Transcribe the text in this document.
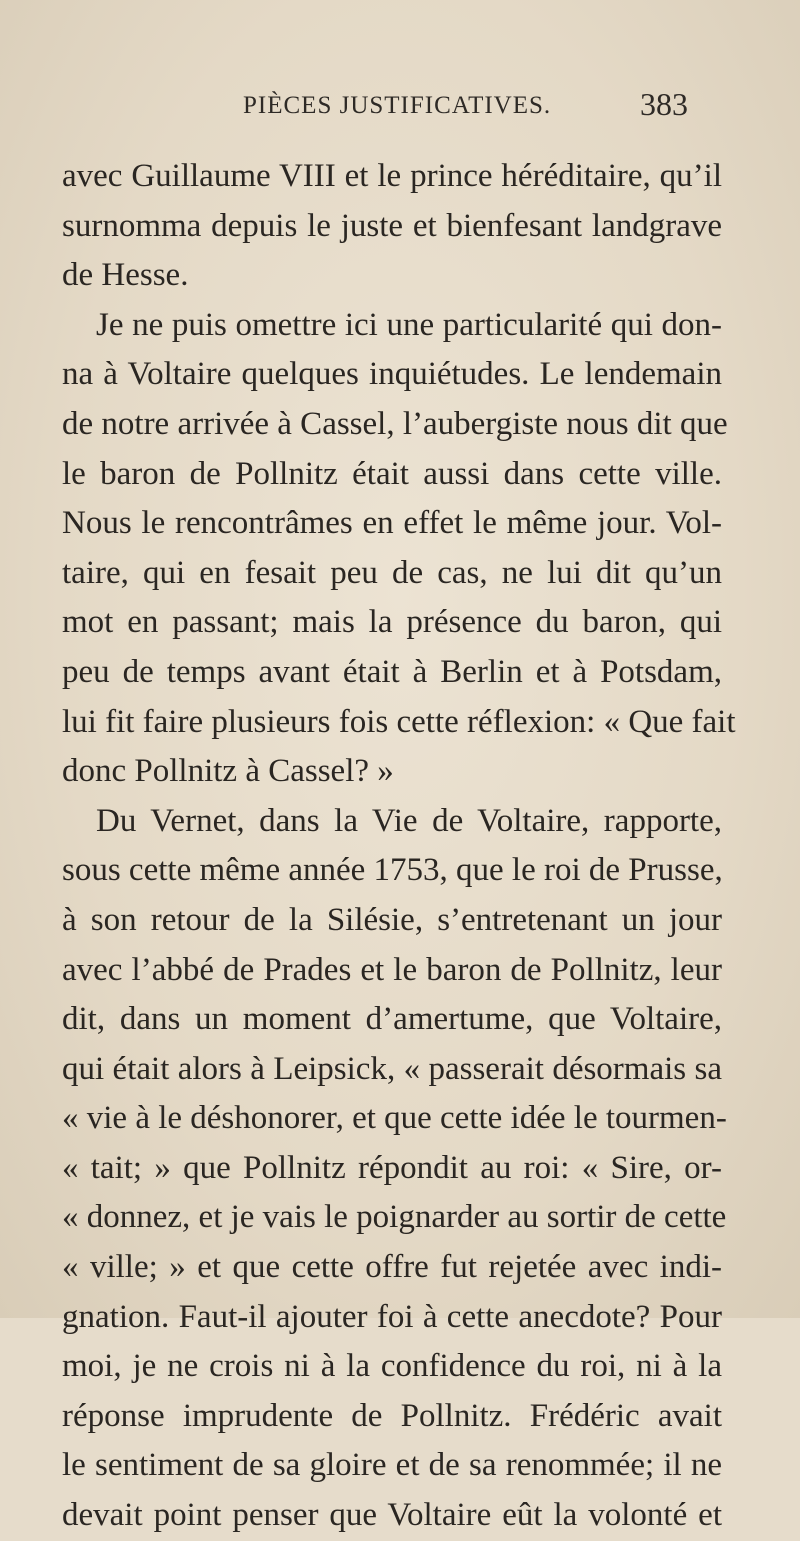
PIÈCES JUSTIFICATIVES.	383
avec Guillaume VIII et le prince héréditaire, qu’il
surnomma depuis le juste et bienfesant landgrave
de Hesse.
Je ne puis omettre ici une particularité qui don-
na à Voltaire quelques inquiétudes. Le lendemain
de notre arrivée à Cassel, l’aubergiste nous dit que
le baron de Pollnitz était aussi dans cette ville.
Nous le rencontrâmes en effet le même jour. Vol-
taire, qui en fesait peu de cas, ne lui dit qu’un
mot en passant; mais la présence du baron, qui
peu de temps avant était à Berlin et à Potsdam,
lui fit faire plusieurs fois cette réflexion: « Que fait
donc Pollnitz à Cassel? »
Du Vernet, dans la Vie de Voltaire, rapporte,
sous cette même année 1753, que le roi de Prusse,
à son retour de la Silésie, s’entretenant un jour
avec l’abbé de Prades et le baron de Pollnitz, leur
dit, dans un moment d’amertume, que Voltaire,
qui était alors à Leipsick, « passerait désormais sa
« vie à le déshonorer, et que cette idée le tourmen-
« tait; » que Pollnitz répondit au roi: « Sire, or-
« donnez, et je vais le poignarder au sortir de cette
« ville; » et que cette offre fut rejetée avec indi-
gnation. Faut-il ajouter foi à cette anecdote? Pour
moi, je ne crois ni à la confidence du roi, ni à la
réponse imprudente de Pollnitz. Frédéric avait
le sentiment de sa gloire et de sa renommée; il ne
devait point penser que Voltaire eût la volonté et
